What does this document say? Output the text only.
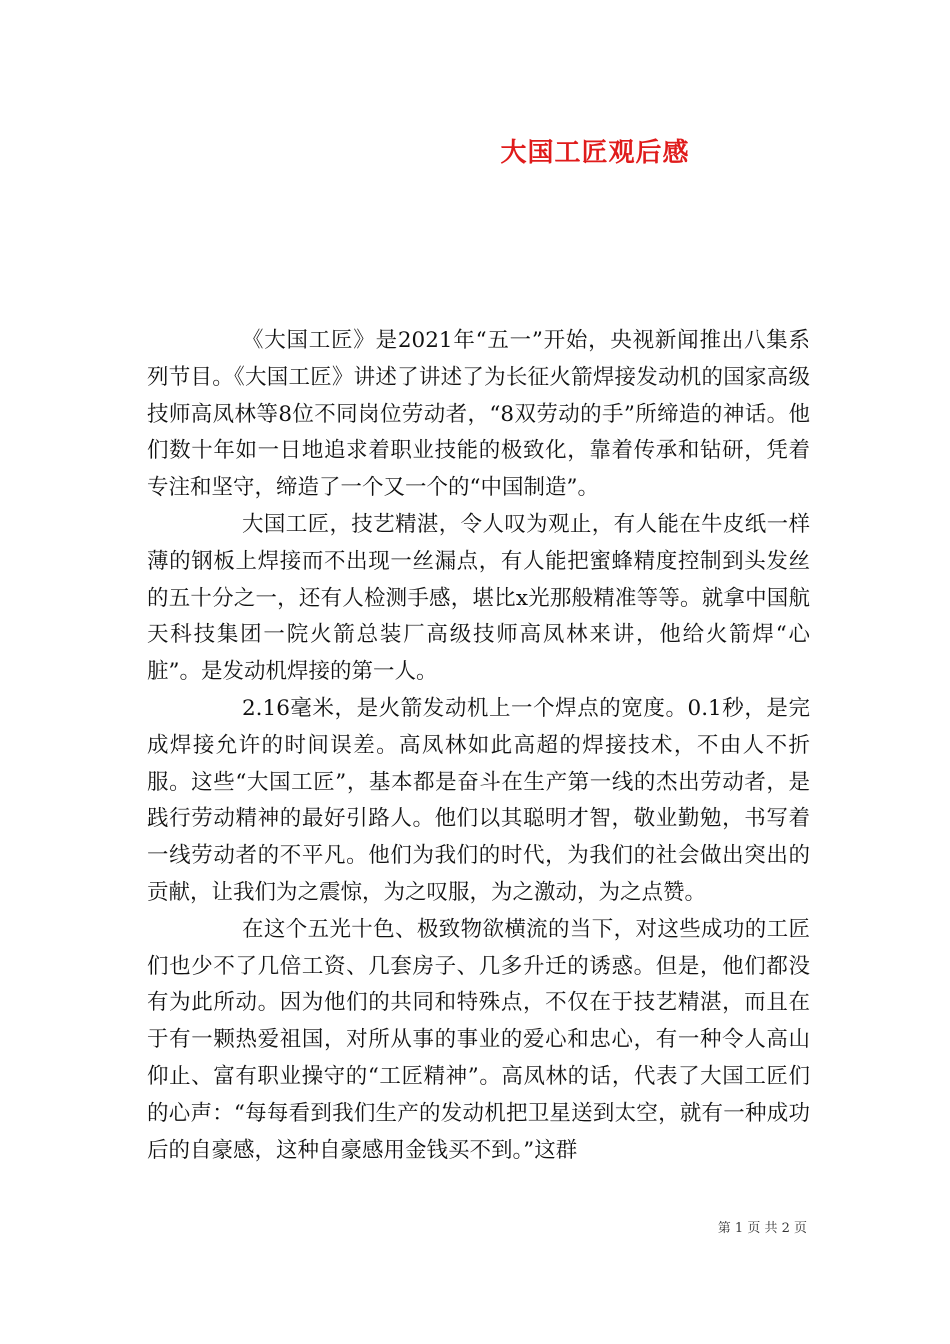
大国工匠观后感

《大国工匠》是2021年“五一”开始，央视新闻推出八集系列节目。《大国工匠》讲述了讲述了为长征火箭焊接发动机的国家高级技师高凤林等8位不同岗位劳动者，“8双劳动的手”所缔造的神话。他们数十年如一日地追求着职业技能的极致化，靠着传承和钻研，凭着专注和坚守，缔造了一个又一个的“中国制造”。

大国工匠，技艺精湛，令人叹为观止，有人能在牛皮纸一样薄的钢板上焊接而不出现一丝漏点，有人能把蜜蜂精度控制到头发丝的五十分之一，还有人检测手感，堪比x光那般精准等等。就拿中国航天科技集团一院火箭总装厂高级技师高凤林来讲，他给火箭焊“心脏”。是发动机焊接的第一人。

2.16毫米，是火箭发动机上一个焊点的宽度。0.1秒，是完成焊接允许的时间误差。高凤林如此高超的焊接技术，不由人不折服。这些“大国工匠”，基本都是奋斗在生产第一线的杰出劳动者，是践行劳动精神的最好引路人。他们以其聪明才智，敬业勤勉，书写着一线劳动者的不平凡。他们为我们的时代，为我们的社会做出突出的贡献，让我们为之震惊，为之叹服，为之激动，为之点赞。

在这个五光十色、极致物欲横流的当下，对这些成功的工匠们也少不了几倍工资、几套房子、几多升迁的诱惑。但是，他们都没有为此所动。因为他们的共同和特殊点，不仅在于技艺精湛，而且在于有一颗热爱祖国，对所从事的事业的爱心和忠心，有一种令人高山仰止、富有职业操守的“工匠精神”。高凤林的话，代表了大国工匠们的心声：“每每看到我们生产的发动机把卫星送到太空，就有一种成功后的自豪感，这种自豪感用金钱买不到。”这群

第 1 页 共 2 页
